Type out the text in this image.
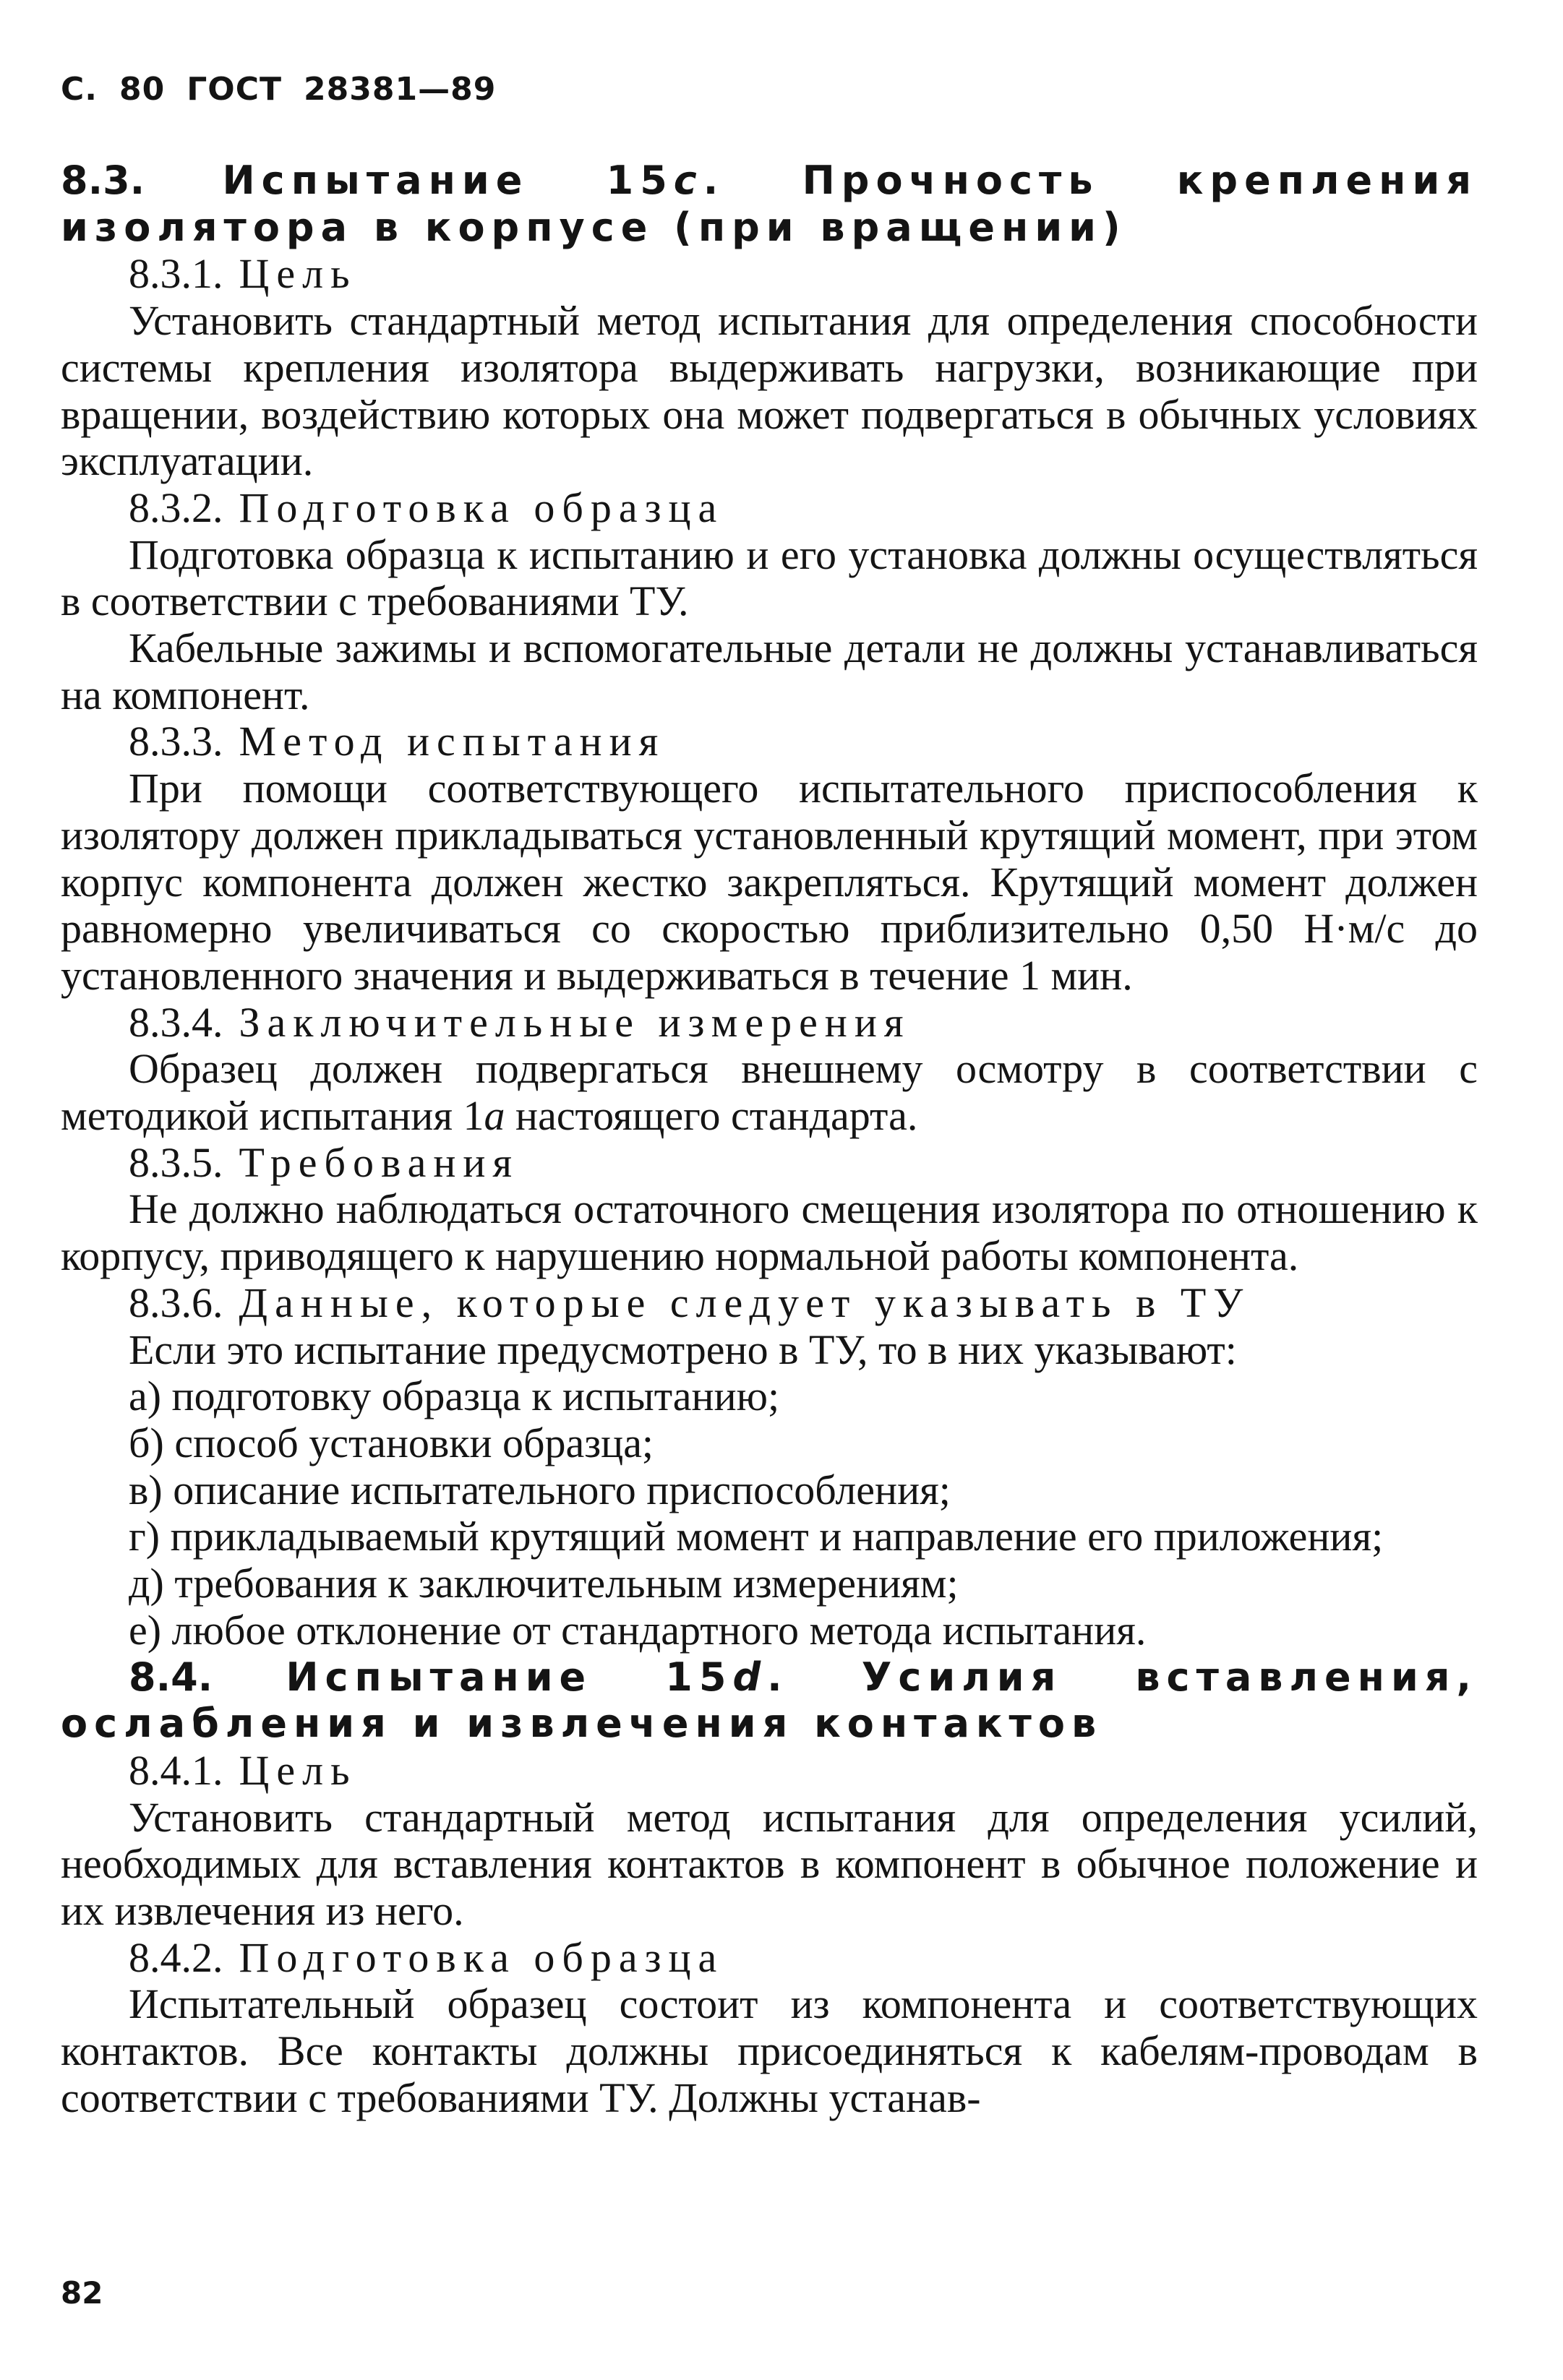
С. 80 ГОСТ 28381—89

8.3. Испытание 15c. Прочность крепления изолятора в корпусе (при вращении)

8.3.1. Цель

Установить стандартный метод испытания для определения способности системы крепления изолятора выдерживать нагрузки, возникающие при вращении, воздействию которых она может подвергаться в обычных условиях эксплуатации.

8.3.2. Подготовка образца

Подготовка образца к испытанию и его установка должны осуществляться в соответствии с требованиями ТУ.

Кабельные зажимы и вспомогательные детали не должны устанавливаться на компонент.

8.3.3. Метод испытания

При помощи соответствующего испытательного приспособления к изолятору должен прикладываться установленный крутящий момент, при этом корпус компонента должен жестко закрепляться. Крутящий момент должен равномерно увеличиваться со скоростью приблизительно 0,50 Н·м/с до установленного значения и выдерживаться в течение 1 мин.

8.3.4. Заключительные измерения

Образец должен подвергаться внешнему осмотру в соответствии с методикой испытания 1a настоящего стандарта.

8.3.5. Требования

Не должно наблюдаться остаточного смещения изолятора по отношению к корпусу, приводящего к нарушению нормальной работы компонента.

8.3.6. Данные, которые следует указывать в ТУ

Если это испытание предусмотрено в ТУ, то в них указывают:

а) подготовку образца к испытанию;

б) способ установки образца;

в) описание испытательного приспособления;

г) прикладываемый крутящий момент и направление его приложения;

д) требования к заключительным измерениям;

е) любое отклонение от стандартного метода испытания.

8.4. Испытание 15d. Усилия вставления, ослабления и извлечения контактов

8.4.1. Цель

Установить стандартный метод испытания для определения усилий, необходимых для вставления контактов в компонент в обычное положение и их извлечения из него.

8.4.2. Подготовка образца

Испытательный образец состоит из компонента и соответствующих контактов. Все контакты должны присоединяться к кабелям-проводам в соответствии с требованиями ТУ. Должны устанав-

82
